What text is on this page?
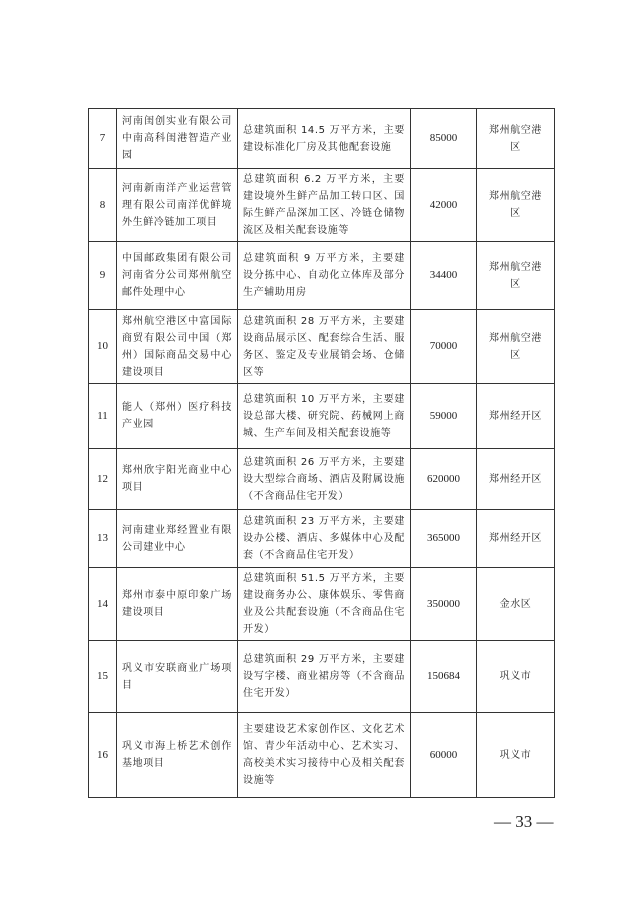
7	河南闺创实业有限公司中南高科闺港智造产业园	总建筑面积 14.5 万平方米，主要建设标准化厂房及其他配套设施	85000	郑州航空港区
8	河南新南洋产业运营管理有限公司南洋优鲜境外生鲜冷链加工项目	总建筑面积 6.2 万平方米，主要建设境外生鲜产品加工转口区、国际生鲜产品深加工区、冷链仓储物流区及相关配套设施等	42000	郑州航空港区
9	中国邮政集团有限公司河南省分公司郑州航空邮件处理中心	总建筑面积 9 万平方米，主要建设分拣中心、自动化立体库及部分生产辅助用房	34400	郑州航空港区
10	郑州航空港区中富国际商贸有限公司中国（郑州）国际商品交易中心建设项目	总建筑面积 28 万平方米，主要建设商品展示区、配套综合生活、服务区、鉴定及专业展销会场、仓储区等	70000	郑州航空港区
11	能人（郑州）医疗科技产业园	总建筑面积 10 万平方米，主要建设总部大楼、研究院、药械网上商城、生产车间及相关配套设施等	59000	郑州经开区
12	郑州欣宇阳光商业中心项目	总建筑面积 26 万平方米，主要建设大型综合商场、酒店及附属设施（不含商品住宅开发）	620000	郑州经开区
13	河南建业郑经置业有限公司建业中心	总建筑面积 23 万平方米，主要建设办公楼、酒店、多媒体中心及配套（不含商品住宅开发）	365000	郑州经开区
14	郑州市泰中原印象广场建设项目	总建筑面积 51.5 万平方米，主要建设商务办公、康体娱乐、零售商业及公共配套设施（不含商品住宅开发）	350000	金水区
15	巩义市安联商业广场项目	总建筑面积 29 万平方米，主要建设写字楼、商业裙房等（不含商品住宅开发）	150684	巩义市
16	巩义市海上桥艺术创作基地项目	主要建设艺术家创作区、文化艺术馆、青少年活动中心、艺术实习、高校美术实习接待中心及相关配套设施等	60000	巩义市
— 33 —
